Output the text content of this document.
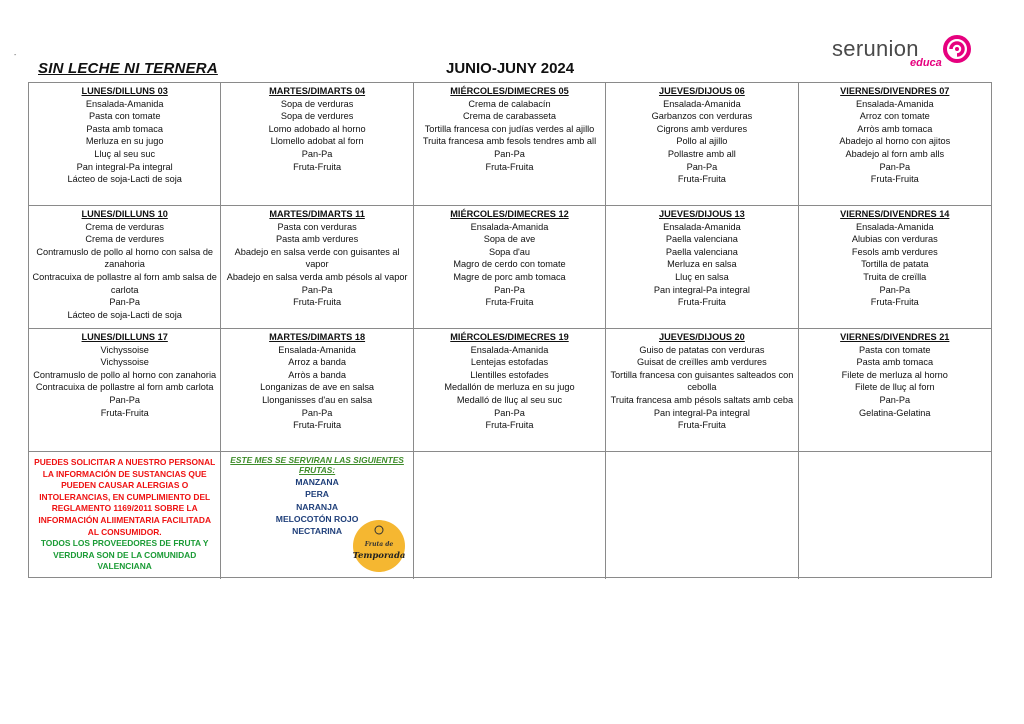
-
SIN LECHE NI TERNERA	JUNIO-JUNY 2024
serunion
educa
LUNES/DILLUNS 03
Ensalada-Amanida
Pasta con tomate
Pasta amb tomaca
Merluza en su jugo
Lluç al seu suc
Pan integral-Pa integral
Lácteo de soja-Lacti de soja
MARTES/DIMARTS 04
Sopa de verduras
Sopa de verdures
Lomo adobado al horno
Llomello adobat al forn
Pan-Pa
Fruta-Fruita
MIÉRCOLES/DIMECRES 05
Crema de calabacín
Crema de carabasseta
Tortilla francesa con judías verdes al ajillo
Truita francesa amb fesols tendres amb all
Pan-Pa
Fruta-Fruita
JUEVES/DIJOUS 06
Ensalada-Amanida
Garbanzos con verduras
Cigrons amb verdures
Pollo al ajillo
Pollastre amb all
Pan-Pa
Fruta-Fruita
VIERNES/DIVENDRES 07
Ensalada-Amanida
Arroz con tomate
Arròs amb tomaca
Abadejo al horno con ajitos
Abadejo al forn amb alls
Pan-Pa
Fruta-Fruita
LUNES/DILLUNS 10
Crema de verduras
Crema de verdures
Contramuslo de pollo al horno con salsa de zanahoria
Contracuixa de pollastre al forn amb salsa de carlota
Pan-Pa
Lácteo de soja-Lacti de soja
MARTES/DIMARTS 11
Pasta con verduras
Pasta amb verdures
Abadejo en salsa verde con guisantes al vapor
Abadejo en salsa verda amb pésols al vapor
Pan-Pa
Fruta-Fruita
MIÉRCOLES/DIMECRES 12
Ensalada-Amanida
Sopa de ave
Sopa d'au
Magro de cerdo con tomate
Magre de porc amb tomaca
Pan-Pa
Fruta-Fruita
JUEVES/DIJOUS 13
Ensalada-Amanida
Paella valenciana
Paella valenciana
Merluza en salsa
Lluç en salsa
Pan integral-Pa integral
Fruta-Fruita
VIERNES/DIVENDRES 14
Ensalada-Amanida
Alubias con verduras
Fesols amb verdures
Tortilla de patata
Truita de creïlla
Pan-Pa
Fruta-Fruita
LUNES/DILLUNS 17
Vichyssoise
Vichyssoise
Contramuslo de pollo al horno con zanahoria
Contracuixa de pollastre al forn amb carlota
Pan-Pa
Fruta-Fruita
MARTES/DIMARTS 18
Ensalada-Amanida
Arroz a banda
Arròs a banda
Longanizas de ave en salsa
Llonganisses d'au en salsa
Pan-Pa
Fruta-Fruita
MIÉRCOLES/DIMECRES 19
Ensalada-Amanida
Lentejas estofadas
Llentilles estofades
Medallón de merluza en su jugo
Medalló de lluç al seu suc
Pan-Pa
Fruta-Fruita
JUEVES/DIJOUS 20
Guiso de patatas con verduras
Guisat de creïlles amb verdures
Tortilla francesa con guisantes salteados con cebolla
Truita francesa amb pésols saltats amb ceba
Pan integral-Pa integral
Fruta-Fruita
VIERNES/DIVENDRES 21
Pasta con tomate
Pasta amb tomaca
Filete de merluza al horno
Filete de lluç al forn
Pan-Pa
Gelatina-Gelatina
PUEDES SOLICITAR A NUESTRO PERSONAL LA INFORMACIÓN DE SUSTANCIAS QUE PUEDEN CAUSAR ALERGIAS O INTOLERANCIAS, EN CUMPLIMIENTO DEL REGLAMENTO 1169/2011 SOBRE LA INFORMACIÓN ALIIMENTARIA FACILITADA AL CONSUMIDOR.
TODOS LOS PROVEEDORES DE FRUTA Y VERDURA SON DE LA COMUNIDAD VALENCIANA
ESTE MES SE SERVIRAN LAS SIGUIENTES FRUTAS:
MANZANA
PERA
NARANJA
MELOCOTÓN ROJO
NECTARINA
Fruta de
Temporada
